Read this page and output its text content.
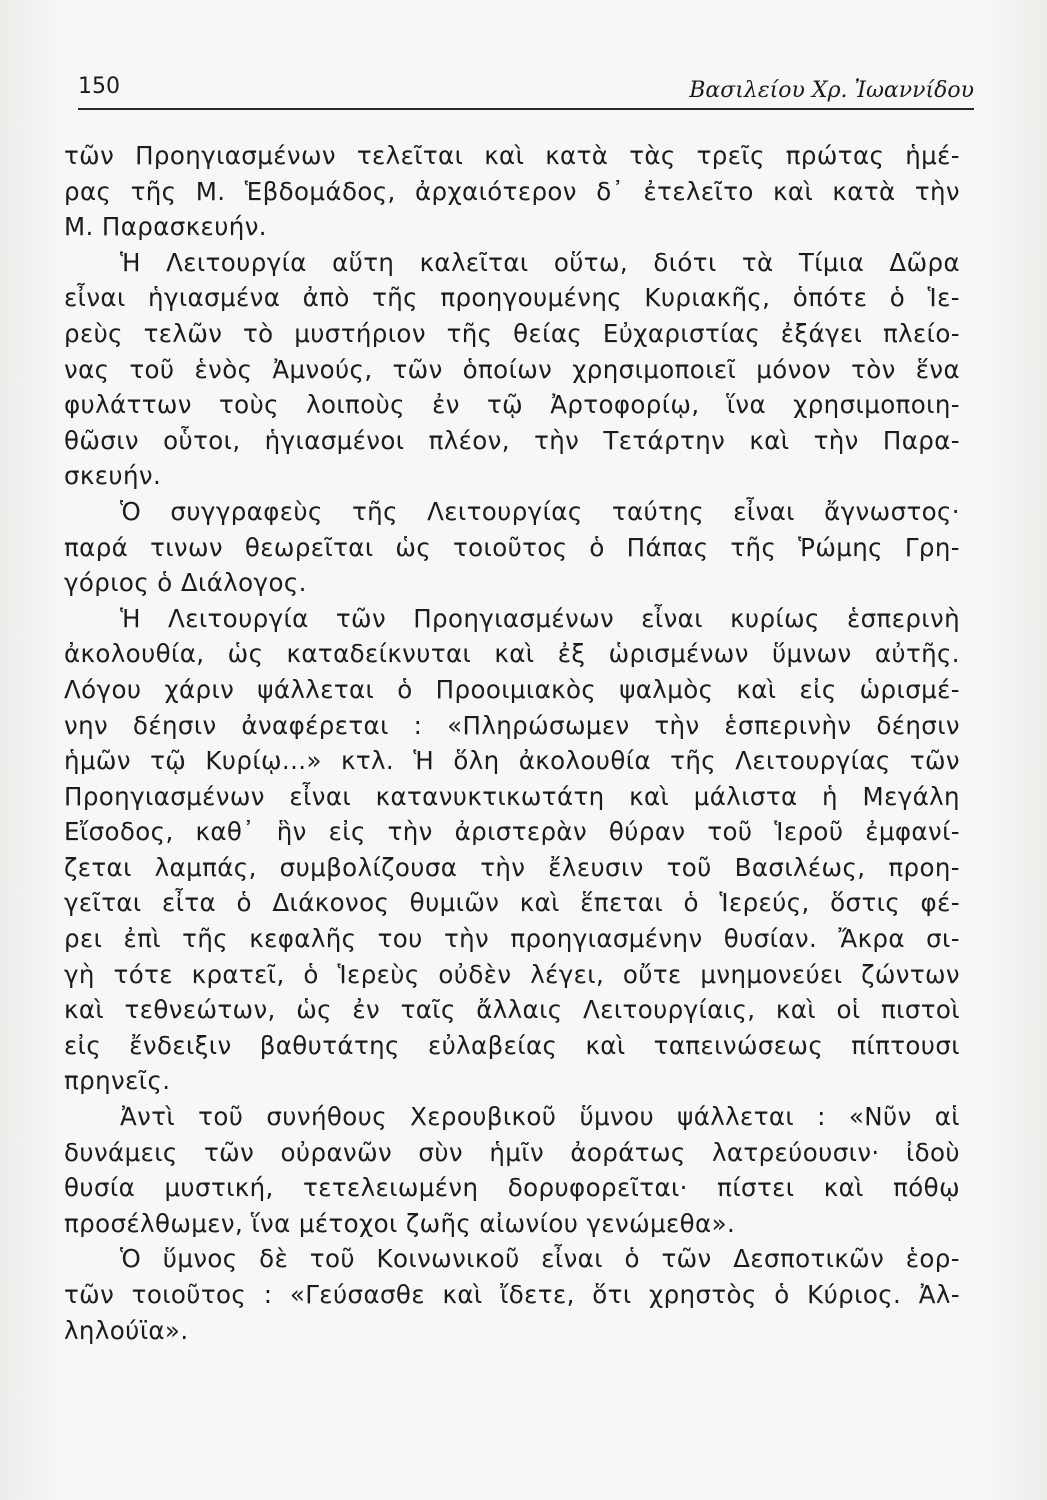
150	Βασιλείου Χρ. Ἰωαννίδου
τῶν Προηγιασμένων τελεῖται καὶ κατὰ τὰς τρεῖς πρώτας ἡμέ-
ρας τῆς Μ. Ἑβδομάδος, ἀρχαιότερον δ᾽ ἐτελεῖτο καὶ κατὰ τὴν
Μ. Παρασκευήν.
Ἡ Λειτουργία αὕτη καλεῖται οὕτω, διότι τὰ Τίμια Δῶρα
εἶναι ἡγιασμένα ἀπὸ τῆς προηγουμένης Κυριακῆς, ὁπότε ὁ Ἱε-
ρεὺς τελῶν τὸ μυστήριον τῆς θείας Εὐχαριστίας ἐξάγει πλείο-
νας τοῦ ἑνὸς Ἀμνούς, τῶν ὁποίων χρησιμοποιεῖ μόνον τὸν ἕνα
φυλάττων τοὺς λοιποὺς ἐν τῷ Ἀρτοφορίῳ, ἵνα χρησιμοποιη-
θῶσιν οὗτοι, ἡγιασμένοι πλέον, τὴν Τετάρτην καὶ τὴν Παρα-
σκευήν.
Ὁ συγγραφεὺς τῆς Λειτουργίας ταύτης εἶναι ἄγνωστος·
παρά τινων θεωρεῖται ὡς τοιοῦτος ὁ Πάπας τῆς Ῥώμης Γρη-
γόριος ὁ Διάλογος.
Ἡ Λειτουργία τῶν Προηγιασμένων εἶναι κυρίως ἑσπερινὴ
ἀκολουθία, ὡς καταδείκνυται καὶ ἐξ ὡρισμένων ὕμνων αὐτῆς.
Λόγου χάριν ψάλλεται ὁ Προοιμιακὸς ψαλμὸς καὶ εἰς ὡρισμέ-
νην δέησιν ἀναφέρεται : «Πληρώσωμεν τὴν ἑσπερινὴν δέησιν
ἡμῶν τῷ Κυρίῳ...» κτλ. Ἡ ὅλη ἀκολουθία τῆς Λειτουργίας τῶν
Προηγιασμένων εἶναι κατανυκτικωτάτη καὶ μάλιστα ἡ Μεγάλη
Εἴσοδος, καθ᾽ ἣν εἰς τὴν ἀριστερὰν θύραν τοῦ Ἱεροῦ ἐμφανί-
ζεται λαμπάς, συμβολίζουσα τὴν ἔλευσιν τοῦ Βασιλέως, προη-
γεῖται εἶτα ὁ Διάκονος θυμιῶν καὶ ἕπεται ὁ Ἱερεύς, ὅστις φέ-
ρει ἐπὶ τῆς κεφαλῆς του τὴν προηγιασμένην θυσίαν. Ἄκρα σι-
γὴ τότε κρατεῖ, ὁ Ἱερεὺς οὐδὲν λέγει, οὔτε μνημονεύει ζώντων
καὶ τεθνεώτων, ὡς ἐν ταῖς ἄλλαις Λειτουργίαις, καὶ οἱ πιστοὶ
εἰς ἔνδειξιν βαθυτάτης εὐλαβείας καὶ ταπεινώσεως πίπτουσι
πρηνεῖς.
Ἀντὶ τοῦ συνήθους Χερουβικοῦ ὕμνου ψάλλεται : «Νῦν αἱ
δυνάμεις τῶν οὐρανῶν σὺν ἡμῖν ἀοράτως λατρεύουσιν· ἰδοὺ
θυσία μυστική, τετελειωμένη δορυφορεῖται· πίστει καὶ πόθῳ
προσέλθωμεν, ἵνα μέτοχοι ζωῆς αἰωνίου γενώμεθα».
Ὁ ὕμνος δὲ τοῦ Κοινωνικοῦ εἶναι ὁ τῶν Δεσποτικῶν ἑορ-
τῶν τοιοῦτος : «Γεύσασθε καὶ ἴδετε, ὅτι χρηστὸς ὁ Κύριος. Ἀλ-
ληλούϊα».
